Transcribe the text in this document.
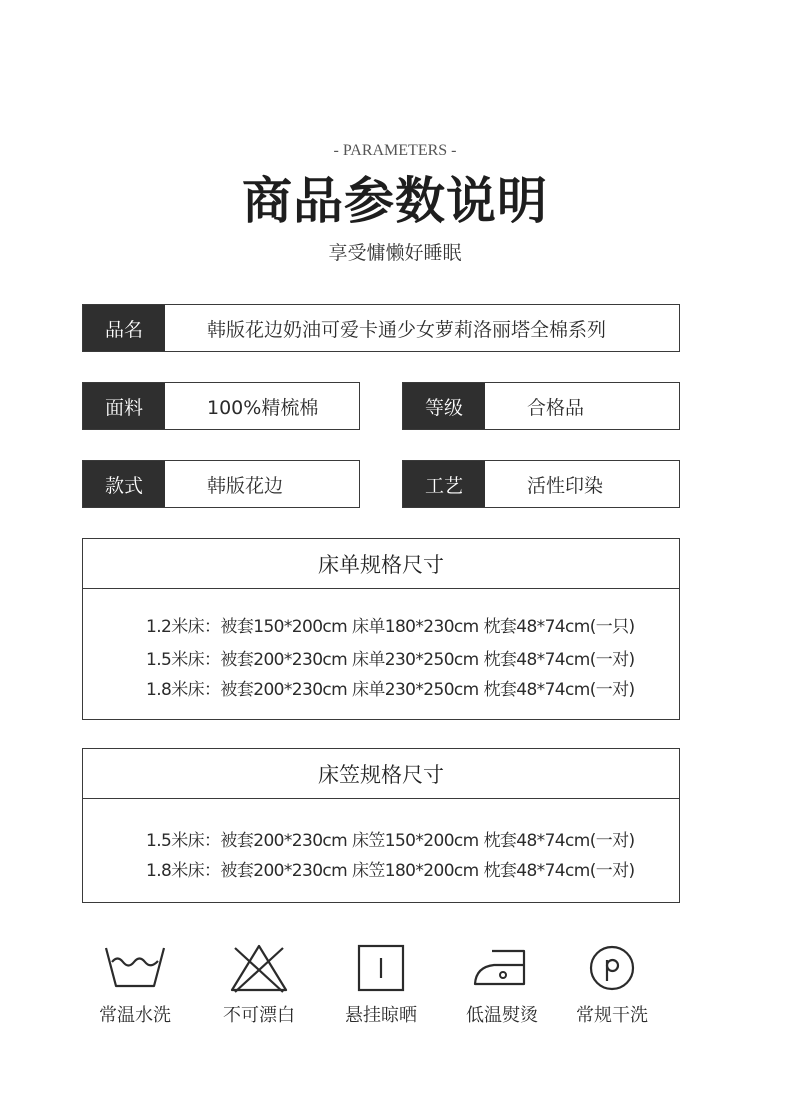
- PARAMETERS -
商品参数说明
享受慵懒好睡眠
品名	韩版花边奶油可爱卡通少女萝莉洛丽塔全棉系列
面料	100%精梳棉	等级	合格品
款式	韩版花边	工艺	活性印染
床单规格尺寸
1.2米床：被套150*200cm 床单180*230cm 枕套48*74cm(一只)
1.5米床：被套200*230cm 床单230*250cm 枕套48*74cm(一对)
1.8米床：被套200*230cm 床单230*250cm 枕套48*74cm(一对)
床笠规格尺寸
1.5米床：被套200*230cm 床笠150*200cm 枕套48*74cm(一对)
1.8米床：被套200*230cm 床笠180*200cm 枕套48*74cm(一对)
常温水洗	不可漂白	悬挂晾晒	低温熨烫	常规干洗
